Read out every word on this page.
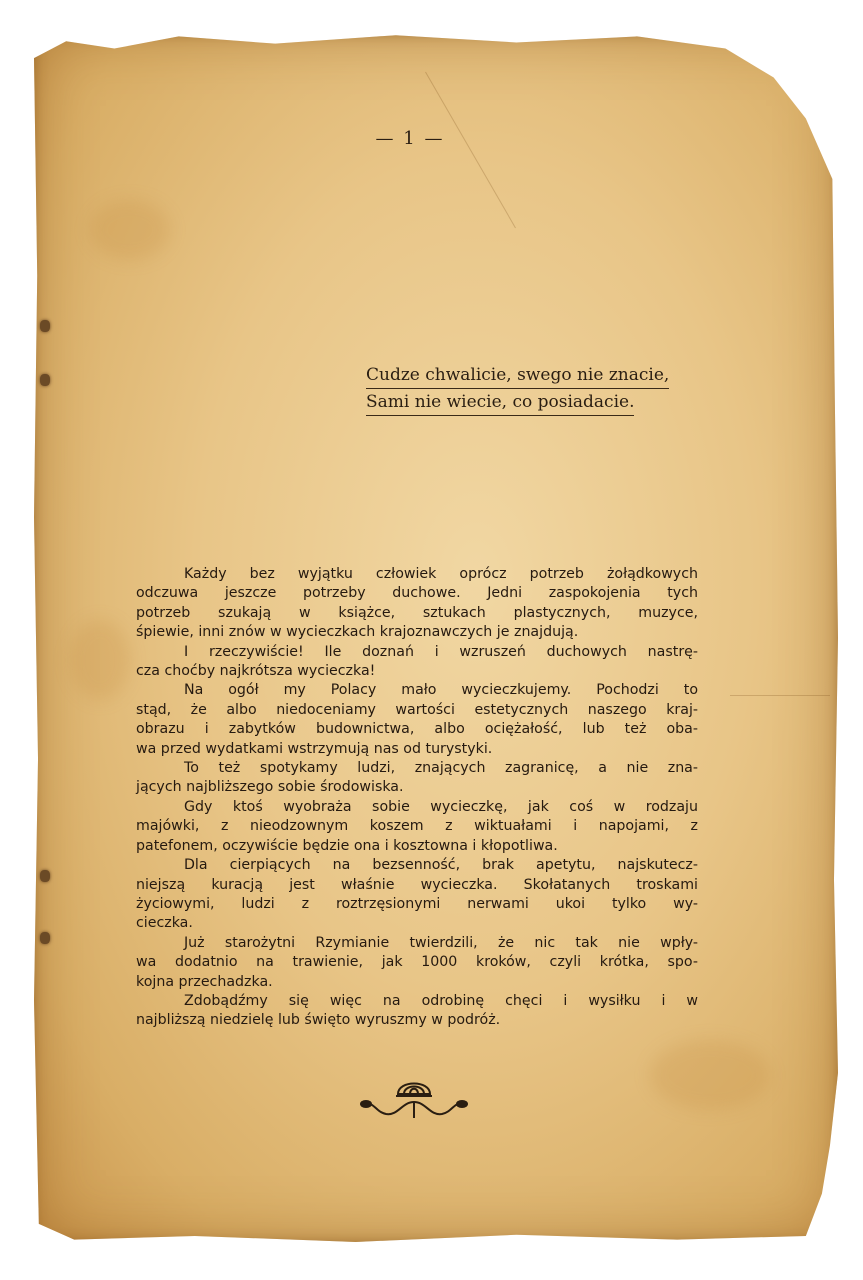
— 1 —
Cudze chwalicie, swego nie znacie,
Sami nie wiecie, co posiadacie.
Każdy bez wyjątku człowiek oprócz potrzeb żołądkowych
odczuwa jeszcze potrzeby duchowe. Jedni zaspokojenia tych
potrzeb szukają w książce, sztukach plastycznych, muzyce,
śpiewie, inni znów w wycieczkach krajoznawczych je znajdują.
I rzeczywiście! Ile doznań i wzruszeń duchowych nastrę-
cza choćby najkrótsza wycieczka!
Na ogół my Polacy mało wycieczkujemy. Pochodzi to
stąd, że albo niedoceniamy wartości estetycznych naszego kraj-
obrazu i zabytków budownictwa, albo ociężałość, lub też oba-
wa przed wydatkami wstrzymują nas od turystyki.
To też spotykamy ludzi, znających zagranicę, a nie zna-
jących najbliższego sobie środowiska.
Gdy ktoś wyobraża sobie wycieczkę, jak coś w rodzaju
majówki, z nieodzownym koszem z wiktuałami i napojami, z
patefonem, oczywiście będzie ona i kosztowna i kłopotliwa.
Dla cierpiących na bezsenność, brak apetytu, najskutecz-
niejszą kuracją jest właśnie wycieczka. Skołatanych troskami
życiowymi, ludzi z roztrzęsionymi nerwami ukoi tylko wy-
cieczka.
Już starożytni Rzymianie twierdzili, że nic tak nie wpły-
wa dodatnio na trawienie, jak 1000 kroków, czyli krótka, spo-
kojna przechadzka.
Zdobądźmy się więc na odrobinę chęci i wysiłku i w
najbliższą niedzielę lub święto wyruszmy w podróż.
